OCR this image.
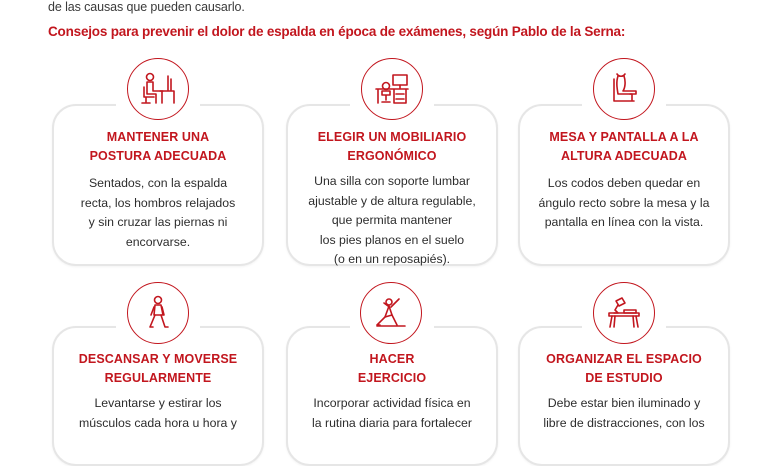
de las causas que pueden causarlo.
Consejos para prevenir el dolor de espalda en época de exámenes, según Pablo de la Serna:
MANTENER UNA
POSTURA ADECUADA
Sentados, con la espalda
recta, los hombros relajados
y sin cruzar las piernas ni
encorvarse.
ELEGIR UN MOBILIARIO
ERGONÓMICO
Una silla con soporte lumbar
ajustable y de altura regulable,
que permita mantener
los pies planos en el suelo
(o en un reposapiés).
MESA Y PANTALLA A LA
ALTURA ADECUADA
Los codos deben quedar en
ángulo recto sobre la mesa y la
pantalla en línea con la vista.
DESCANSAR Y MOVERSE
REGULARMENTE
Levantarse y estirar los
músculos cada hora u hora y
HACER
EJERCICIO
Incorporar actividad física en
la rutina diaria para fortalecer
ORGANIZAR EL ESPACIO
DE ESTUDIO
Debe estar bien iluminado y
libre de distracciones, con los
